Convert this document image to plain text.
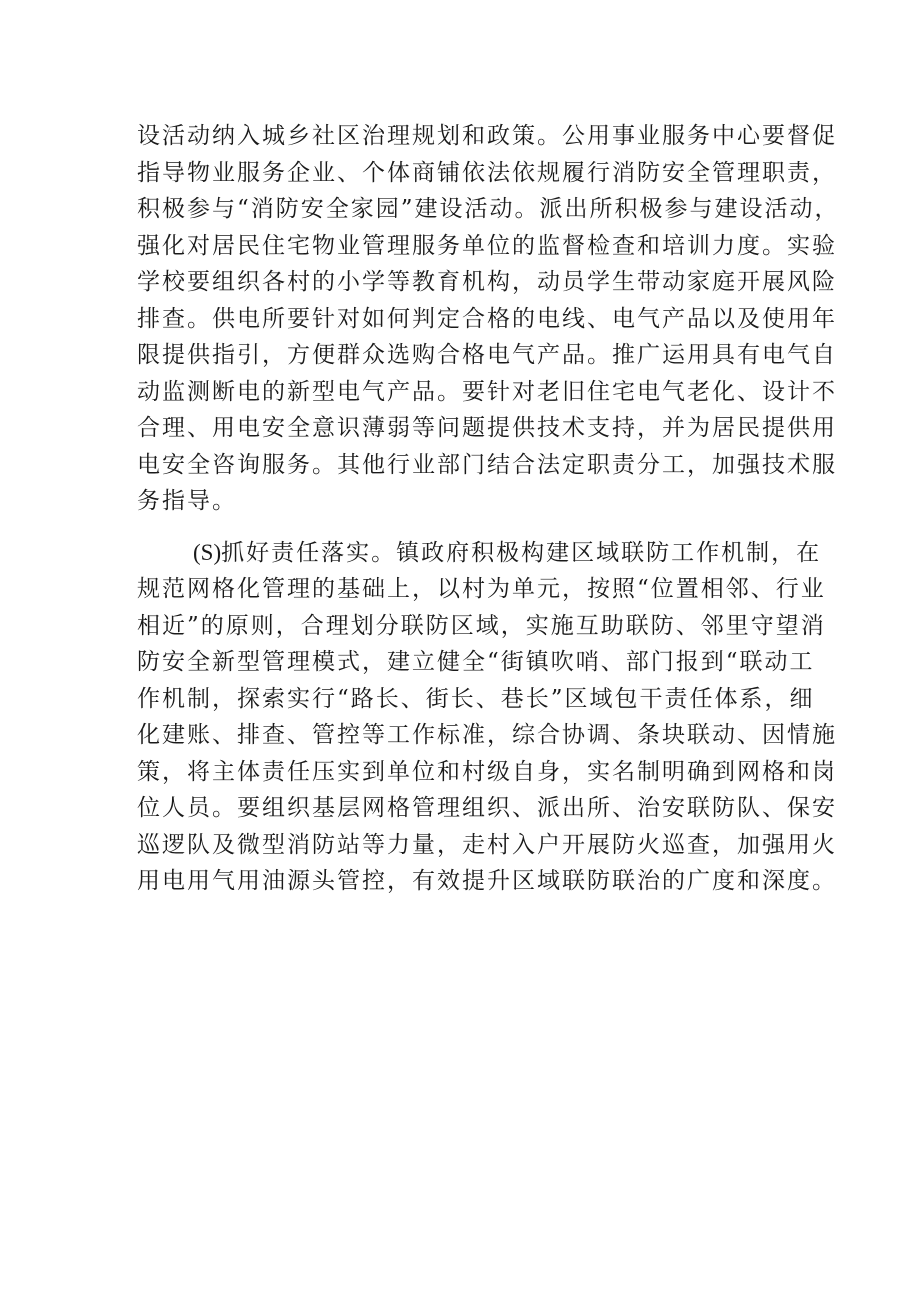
设活动纳入城乡社区治理规划和政策。公用事业服务中心要督促
指导物业服务企业、个体商铺依法依规履行消防安全管理职责，
积极参与“消防安全家园”建设活动。派出所积极参与建设活动，
强化对居民住宅物业管理服务单位的监督检查和培训力度。实验
学校要组织各村的小学等教育机构，动员学生带动家庭开展风险
排查。供电所要针对如何判定合格的电线、电气产品以及使用年
限提供指引，方便群众选购合格电气产品。推广运用具有电气自
动监测断电的新型电气产品。要针对老旧住宅电气老化、设计不
合理、用电安全意识薄弱等问题提供技术支持，并为居民提供用
电安全咨询服务。其他行业部门结合法定职责分工，加强技术服
务指导。
(S)抓好责任落实。镇政府积极构建区域联防工作机制，在
规范网格化管理的基础上，以村为单元，按照“位置相邻、行业
相近”的原则，合理划分联防区域，实施互助联防、邻里守望消
防安全新型管理模式，建立健全“街镇吹哨、部门报到“联动工
作机制，探索实行“路长、街长、巷长”区域包干责任体系，细
化建账、排查、管控等工作标准，综合协调、条块联动、因情施
策，将主体责任压实到单位和村级自身，实名制明确到网格和岗
位人员。要组织基层网格管理组织、派出所、治安联防队、保安
巡逻队及微型消防站等力量，走村入户开展防火巡查，加强用火
用电用气用油源头管控，有效提升区域联防联治的广度和深度。
